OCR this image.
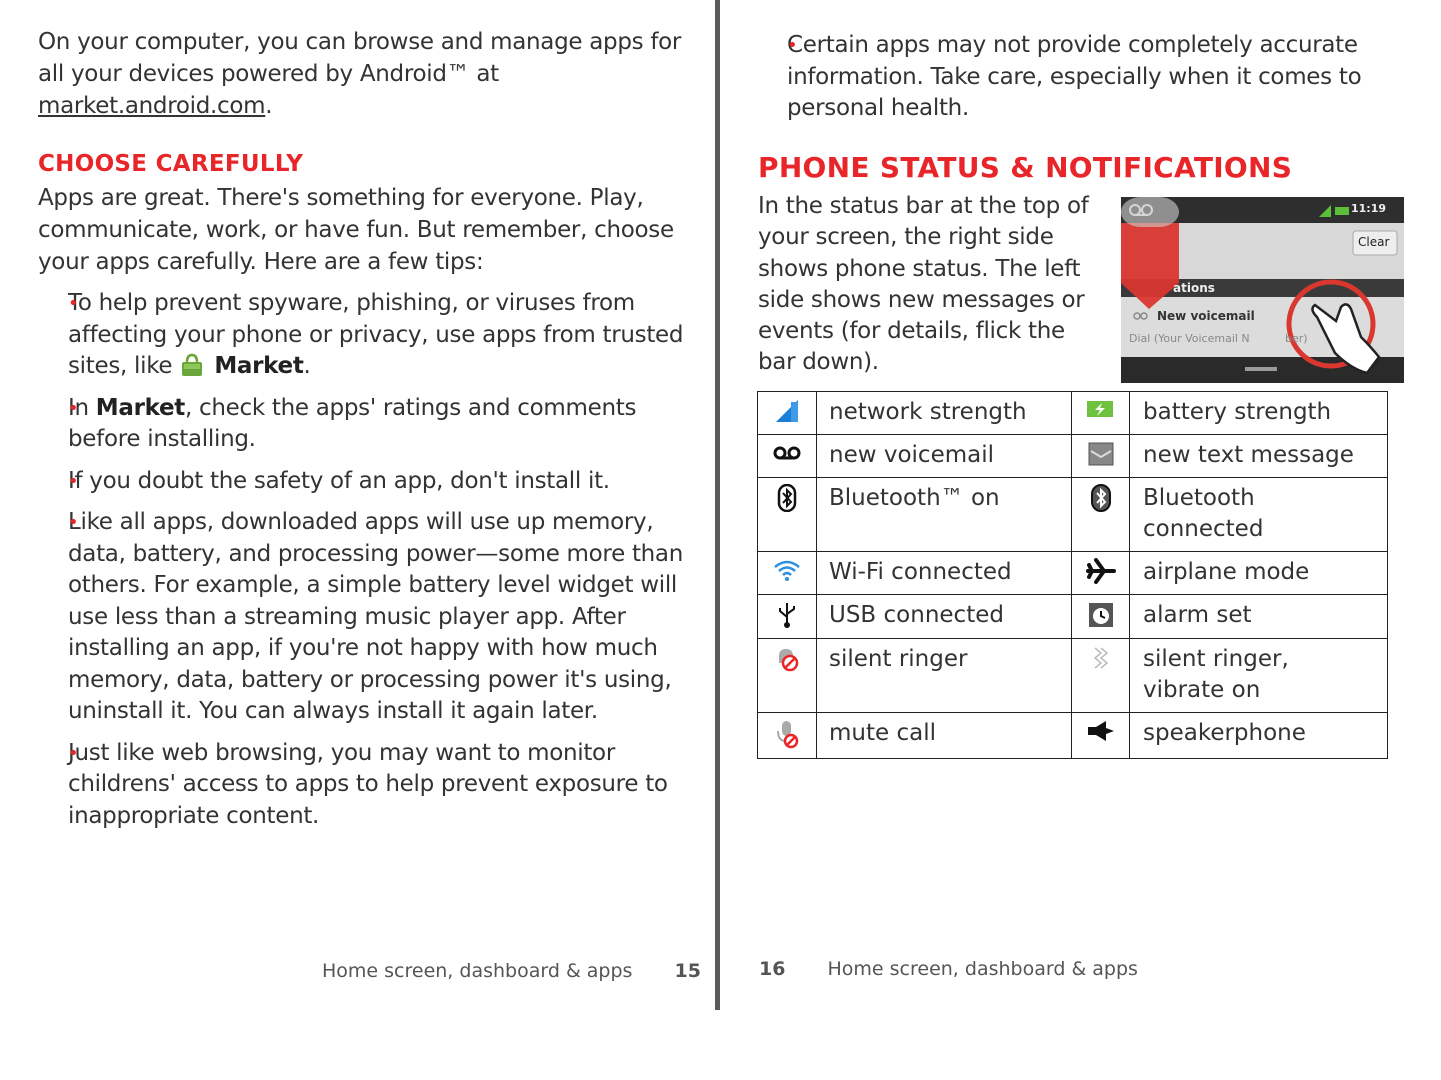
On your computer, you can browse and manage apps for all your devices powered by Android™ at market.android.com.

CHOOSE CAREFULLY

Apps are great. There's something for everyone. Play, communicate, work, or have fun. But remember, choose your apps carefully. Here are a few tips:

• To help prevent spyware, phishing, or viruses from affecting your phone or privacy, use apps from trusted sites, like  Market.
• In Market, check the apps' ratings and comments before installing.
• If you doubt the safety of an app, don't install it.
• Like all apps, downloaded apps will use up memory, data, battery, and processing power—some more than others. For example, a simple battery level widget will use less than a streaming music player app. After installing an app, if you're not happy with how much memory, data, battery or processing power it's using, uninstall it. You can always install it again later.
• Just like web browsing, you may want to monitor childrens' access to apps to help prevent exposure to inappropriate content.
Home screen, dashboard & apps 15
• Certain apps may not provide completely accurate information. Take care, especially when it comes to personal health.
PHONE STATUS & NOTIFICATIONS

In the status bar at the top of your screen, the right side shows phone status. The left side shows new messages or events (for details, flick the bar down).

11:19
Clear
ations
New voicemail
Dial (Your Voicemail N	ber)
	network strength		battery strength
	new voicemail		new text message
	Bluetooth™ on		Bluetooth connected
	Wi-Fi connected		airplane mode
	USB connected		alarm set
	silent ringer		silent ringer, vibrate on
	mute call		speakerphone
16 Home screen, dashboard & apps
